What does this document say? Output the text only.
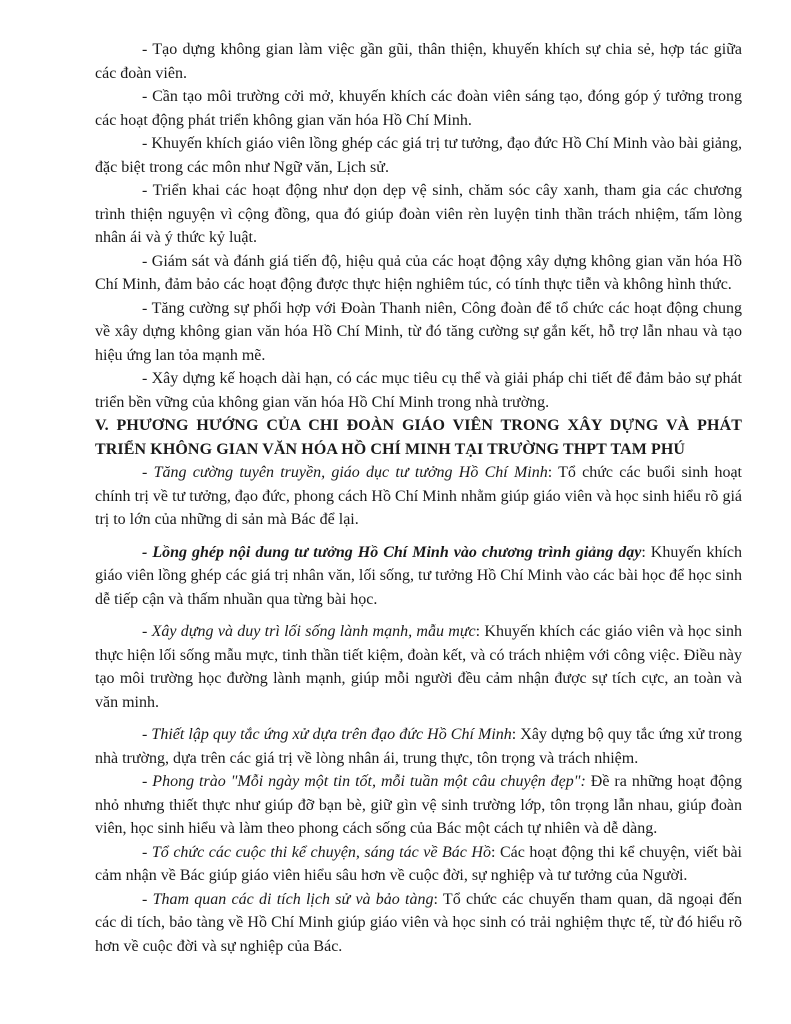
- Tạo dựng không gian làm việc gần gũi, thân thiện, khuyến khích sự chia sẻ, hợp tác giữa các đoàn viên.

- Cần tạo môi trường cởi mở, khuyến khích các đoàn viên sáng tạo, đóng góp ý tưởng trong các hoạt động phát triển không gian văn hóa Hồ Chí Minh.

- Khuyến khích giáo viên lồng ghép các giá trị tư tưởng, đạo đức Hồ Chí Minh vào bài giảng, đặc biệt trong các môn như Ngữ văn, Lịch sử.

- Triển khai các hoạt động như dọn dẹp vệ sinh, chăm sóc cây xanh, tham gia các chương trình thiện nguyện vì cộng đồng, qua đó giúp đoàn viên rèn luyện tinh thần trách nhiệm, tấm lòng nhân ái và ý thức kỷ luật.

- Giám sát và đánh giá tiến độ, hiệu quả của các hoạt động xây dựng không gian văn hóa Hồ Chí Minh, đảm bảo các hoạt động được thực hiện nghiêm túc, có tính thực tiễn và không hình thức.

- Tăng cường sự phối hợp với Đoàn Thanh niên, Công đoàn để tổ chức các hoạt động chung về xây dựng không gian văn hóa Hồ Chí Minh, từ đó tăng cường sự gắn kết, hỗ trợ lẫn nhau và tạo hiệu ứng lan tỏa mạnh mẽ.

- Xây dựng kế hoạch dài hạn, có các mục tiêu cụ thể và giải pháp chi tiết để đảm bảo sự phát triển bền vững của không gian văn hóa Hồ Chí Minh trong nhà trường.

V. PHƯƠNG HƯỚNG CỦA CHI ĐOÀN GIÁO VIÊN TRONG XÂY DỰNG VÀ PHÁT TRIỂN KHÔNG GIAN VĂN HÓA HỒ CHÍ MINH TẠI TRƯỜNG THPT TAM PHÚ

- Tăng cường tuyên truyền, giáo dục tư tưởng Hồ Chí Minh: Tổ chức các buổi sinh hoạt chính trị về tư tưởng, đạo đức, phong cách Hồ Chí Minh nhằm giúp giáo viên và học sinh hiểu rõ giá trị to lớn của những di sản mà Bác để lại.

- Lồng ghép nội dung tư tưởng Hồ Chí Minh vào chương trình giảng dạy: Khuyến khích giáo viên lồng ghép các giá trị nhân văn, lối sống, tư tưởng Hồ Chí Minh vào các bài học để học sinh dễ tiếp cận và thấm nhuần qua từng bài học.

- Xây dựng và duy trì lối sống lành mạnh, mẫu mực: Khuyến khích các giáo viên và học sinh thực hiện lối sống mẫu mực, tinh thần tiết kiệm, đoàn kết, và có trách nhiệm với công việc. Điều này tạo môi trường học đường lành mạnh, giúp mỗi người đều cảm nhận được sự tích cực, an toàn và văn minh.

- Thiết lập quy tắc ứng xử dựa trên đạo đức Hồ Chí Minh: Xây dựng bộ quy tắc ứng xử trong nhà trường, dựa trên các giá trị về lòng nhân ái, trung thực, tôn trọng và trách nhiệm.

- Phong trào "Mỗi ngày một tin tốt, mỗi tuần một câu chuyện đẹp": Đề ra những hoạt động nhỏ nhưng thiết thực như giúp đỡ bạn bè, giữ gìn vệ sinh trường lớp, tôn trọng lẫn nhau, giúp đoàn viên, học sinh hiểu và làm theo phong cách sống của Bác một cách tự nhiên và dễ dàng.

- Tổ chức các cuộc thi kể chuyện, sáng tác về Bác Hồ: Các hoạt động thi kể chuyện, viết bài cảm nhận về Bác giúp giáo viên hiểu sâu hơn về cuộc đời, sự nghiệp và tư tưởng của Người.

- Tham quan các di tích lịch sử và bảo tàng: Tổ chức các chuyến tham quan, dã ngoại đến các di tích, bảo tàng về Hồ Chí Minh giúp giáo viên và học sinh có trải nghiệm thực tế, từ đó hiểu rõ hơn về cuộc đời và sự nghiệp của Bác.
